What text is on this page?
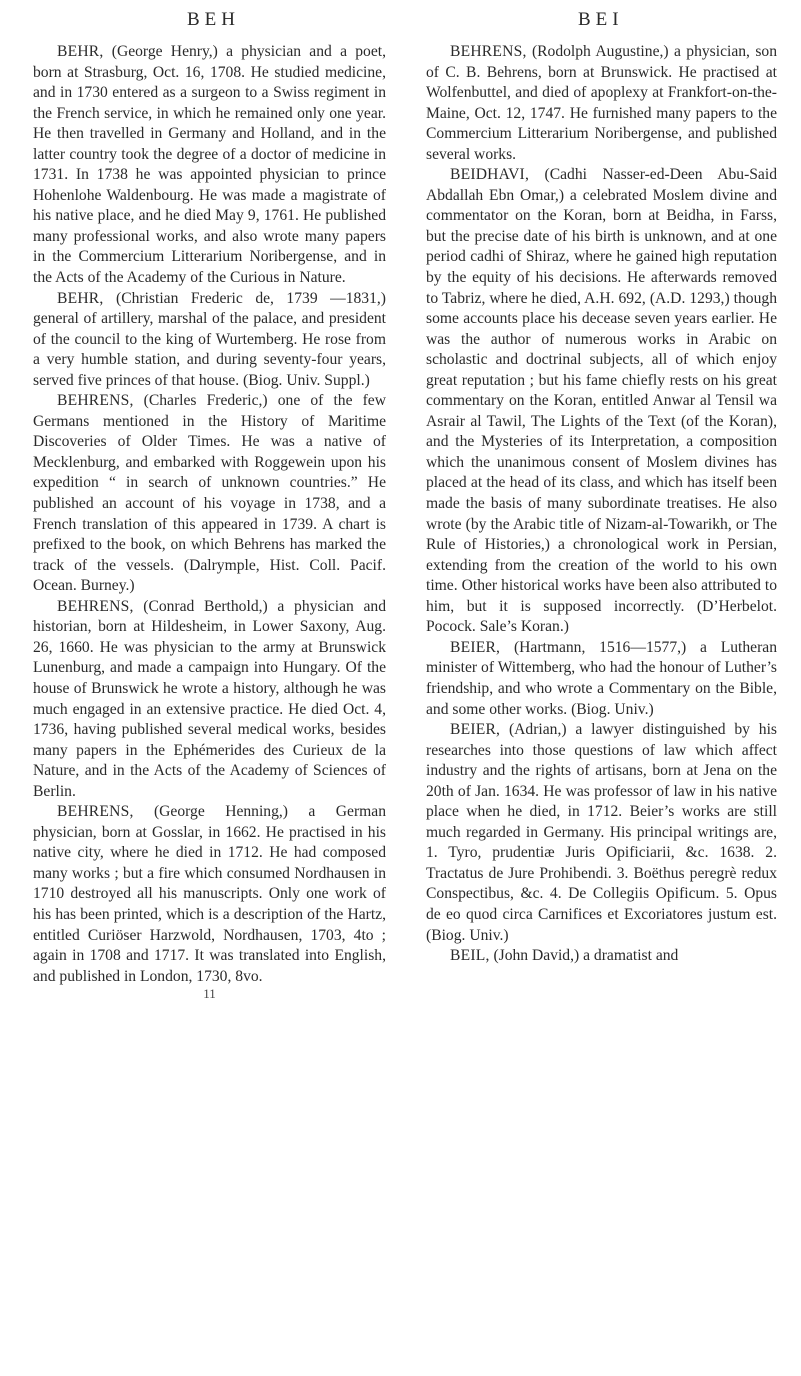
BEH	BEI

BEHR, (George Henry,) a physician and a poet, born at Strasburg, Oct. 16, 1708. He studied medicine, and in 1730 entered as a surgeon to a Swiss regiment in the French service, in which he remained only one year. He then travelled in Germany and Holland, and in the latter country took the degree of a doctor of medicine in 1731. In 1738 he was appointed physician to prince Hohenlohe Waldenbourg. He was made a magistrate of his native place, and he died May 9, 1761. He published many professional works, and also wrote many papers in the Commercium Litterarium Noribergense, and in the Acts of the Academy of the Curious in Nature.

BEHR, (Christian Frederic de, 1739 —1831,) general of artillery, marshal of the palace, and president of the council to the king of Wurtemberg. He rose from a very humble station, and during seventy-four years, served five princes of that house. (Biog. Univ. Suppl.)

BEHRENS, (Charles Frederic,) one of the few Germans mentioned in the History of Maritime Discoveries of Older Times. He was a native of Mecklenburg, and embarked with Roggewein upon his expedition “ in search of unknown countries.” He published an account of his voyage in 1738, and a French translation of this appeared in 1739. A chart is prefixed to the book, on which Behrens has marked the track of the vessels. (Dalrymple, Hist. Coll. Pacif. Ocean. Burney.)

BEHRENS, (Conrad Berthold,) a physician and historian, born at Hildesheim, in Lower Saxony, Aug. 26, 1660. He was physician to the army at Brunswick Lunenburg, and made a campaign into Hungary. Of the house of Brunswick he wrote a history, although he was much engaged in an extensive practice. He died Oct. 4, 1736, having published several medical works, besides many papers in the Ephémerides des Curieux de la Nature, and in the Acts of the Academy of Sciences of Berlin.

BEHRENS, (George Henning,) a German physician, born at Gosslar, in 1662. He practised in his native city, where he died in 1712. He had composed many works ; but a fire which consumed Nordhausen in 1710 destroyed all his manuscripts. Only one work of his has been printed, which is a description of the Hartz, entitled Curiöser Harzwold, Nordhausen, 1703, 4to ; again in 1708 and 1717. It was translated into English, and published in London, 1730, 8vo.

11

BEHRENS, (Rodolph Augustine,) a physician, son of C. B. Behrens, born at Brunswick. He practised at Wolfenbuttel, and died of apoplexy at Frankfort-on-the-Maine, Oct. 12, 1747. He furnished many papers to the Commercium Litterarium Noribergense, and published several works.

BEIDHAVI, (Cadhi Nasser-ed-Deen Abu-Said Abdallah Ebn Omar,) a celebrated Moslem divine and commentator on the Koran, born at Beidha, in Farss, but the precise date of his birth is unknown, and at one period cadhi of Shiraz, where he gained high reputation by the equity of his decisions. He afterwards removed to Tabriz, where he died, A.H. 692, (A.D. 1293,) though some accounts place his decease seven years earlier. He was the author of numerous works in Arabic on scholastic and doctrinal subjects, all of which enjoy great reputation ; but his fame chiefly rests on his great commentary on the Koran, entitled Anwar al Tensil wa Asrair al Tawil, The Lights of the Text (of the Koran), and the Mysteries of its Interpretation, a composition which the unanimous consent of Moslem divines has placed at the head of its class, and which has itself been made the basis of many subordinate treatises. He also wrote (by the Arabic title of Nizam-al-Towarikh, or The Rule of Histories,) a chronological work in Persian, extending from the creation of the world to his own time. Other historical works have been also attributed to him, but it is supposed incorrectly. (D’Herbelot. Pocock. Sale’s Koran.)

BEIER, (Hartmann, 1516—1577,) a Lutheran minister of Wittemberg, who had the honour of Luther’s friendship, and who wrote a Commentary on the Bible, and some other works. (Biog. Univ.)

BEIER, (Adrian,) a lawyer distinguished by his researches into those questions of law which affect industry and the rights of artisans, born at Jena on the 20th of Jan. 1634. He was professor of law in his native place when he died, in 1712. Beier’s works are still much regarded in Germany. His principal writings are, 1. Tyro, prudentiæ Juris Opificiarii, &c. 1638. 2. Tractatus de Jure Prohibendi. 3. Boëthus peregrè redux Conspectibus, &c. 4. De Collegiis Opificum. 5. Opus de eo quod circa Carnifices et Excoriatores justum est. (Biog. Univ.)

BEIL, (John David,) a dramatist and
